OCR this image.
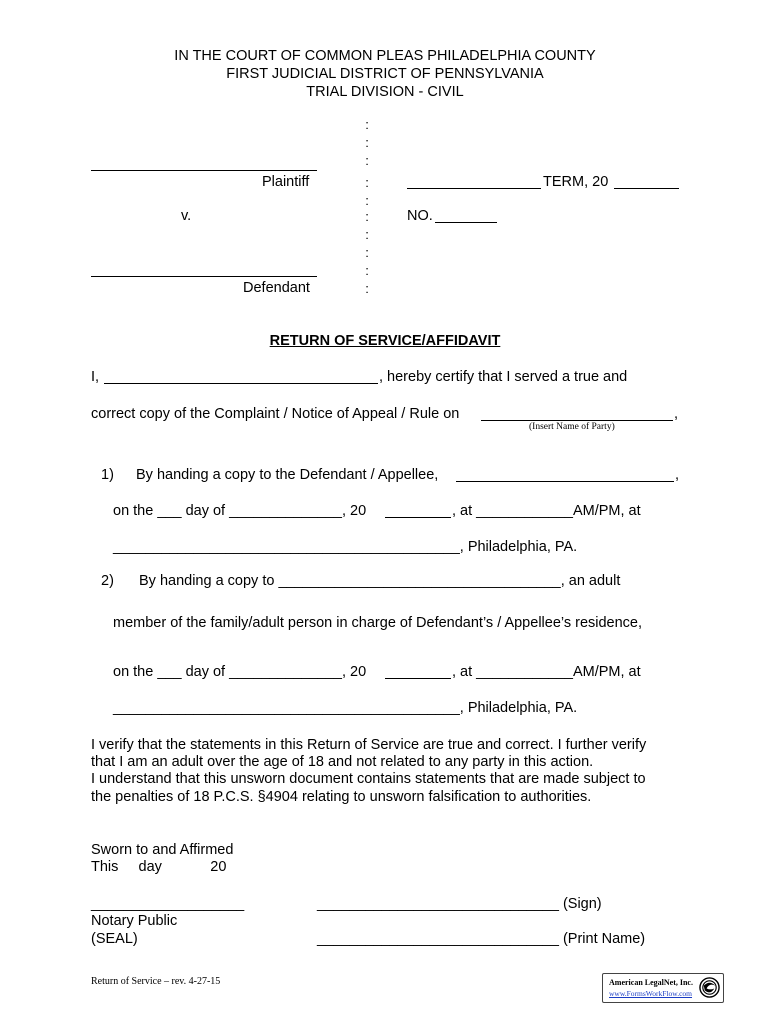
IN THE COURT OF COMMON PLEAS PHILADELPHIA COUNTY
FIRST JUDICIAL DISTRICT OF PENNSYLVANIA
TRIAL DIVISION - CIVIL
:
:
:
:
:
:
:
:
:
:
Plaintiff
v.
Defendant
TERM, 20
NO.
RETURN OF SERVICE/AFFIDAVIT
I,	, hereby certify that I served a true and
correct copy of the Complaint / Notice of Appeal / Rule on	,
(Insert Name of Party)
1) By handing a copy to the Defendant / Appellee,	,
on the ___ day of ______________, 20	, at ____________AM/PM, at
___________________________________________, Philadelphia, PA.
2) By handing a copy to ___________________________________, an adult
member of the family/adult person in charge of Defendant’s / Appellee’s residence,
on the ___ day of ______________, 20	, at ____________AM/PM, at
___________________________________________, Philadelphia, PA.
I verify that the statements in this Return of Service are true and correct. I further verify
that I am an adult over the age of 18 and not related to any party in this action.
I understand that this unsworn document contains statements that are made subject to
the penalties of 18 P.C.S. §4904 relating to unsworn falsification to authorities.
Sworn to and Affirmed
This     day            20
___________________
Notary Public
(SEAL)
______________________________ (Sign)
______________________________ (Print Name)
Return of Service – rev. 4-27-15	American LegalNet, Inc.
www.FormsWorkFlow.com
